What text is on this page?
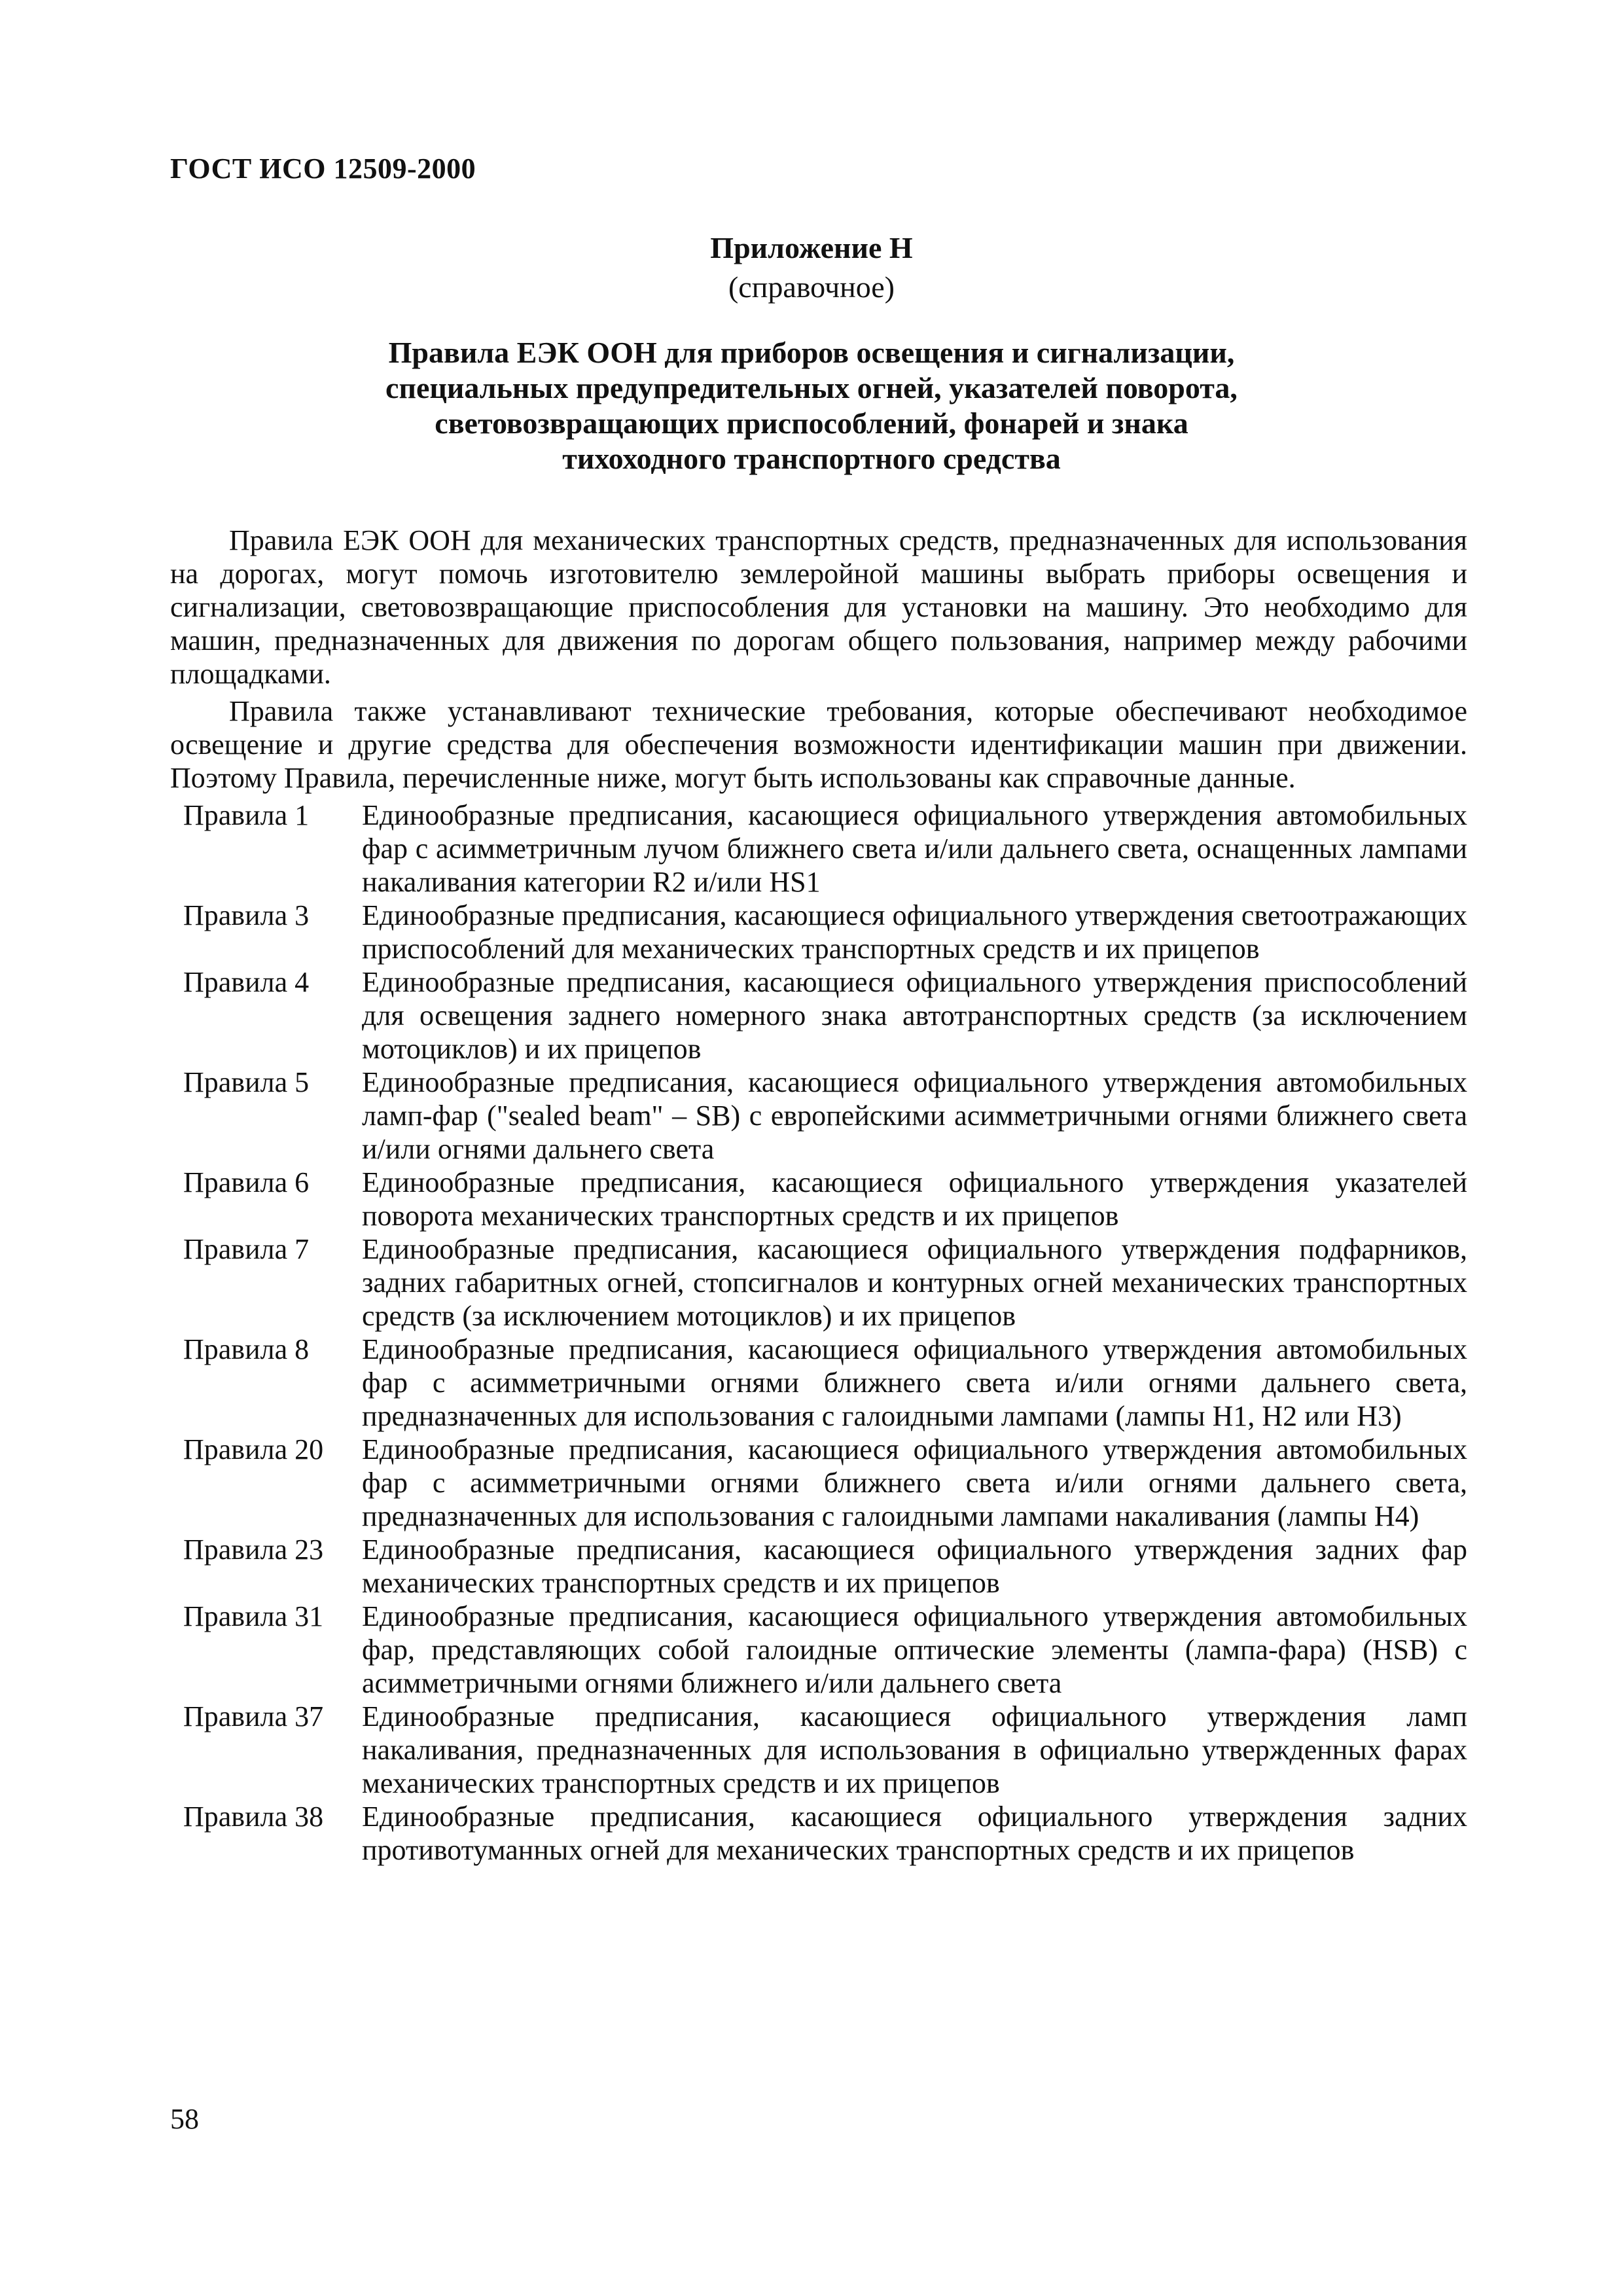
ГОСТ ИСО 12509-2000
Приложение Н
(справочное)
Правила ЕЭК ООН для приборов освещения и сигнализации,
специальных предупредительных огней, указателей поворота,
световозвращающих приспособлений, фонарей и знака
тихоходного транспортного средства

Правила ЕЭК ООН для механических транспортных средств, предназначенных для использования на дорогах, могут помочь изготовителю землеройной машины выбрать приборы освещения и сигнализации, световозвращающие приспособления для установки на машину. Это необходимо для машин, предназначенных для движения по дорогам общего пользования, например между рабочими площадками.

Правила также устанавливают технические требования, которые обеспечивают необходимое освещение и другие средства для обеспечения возможности идентификации машин при движении. Поэтому Правила, перечисленные ниже, могут быть использованы как справочные данные.

Правила 1	Единообразные предписания, касающиеся официального утверждения автомобильных фар с асимметричным лучом ближнего света и/или дальнего света, оснащенных лампами накаливания категории R2 и/или HS1
Правила 3	Единообразные предписания, касающиеся официального утверждения светоотражающих приспособлений для механических транспортных средств и их прицепов
Правила 4	Единообразные предписания, касающиеся официального утверждения приспособлений для освещения заднего номерного знака автотранспортных средств (за исключением мотоциклов) и их прицепов
Правила 5	Единообразные предписания, касающиеся официального утверждения автомобильных ламп-фар ("sealed beam" – SB) с европейскими асимметричными огнями ближнего света и/или огнями дальнего света
Правила 6	Единообразные предписания, касающиеся официального утверждения указателей поворота механических транспортных средств и их прицепов
Правила 7	Единообразные предписания, касающиеся официального утверждения подфарников, задних габаритных огней, стопсигналов и контурных огней механических транспортных средств (за исключением мотоциклов) и их прицепов
Правила 8	Единообразные предписания, касающиеся официального утверждения автомобильных фар с асимметричными огнями ближнего света и/или огнями дальнего света, предназначенных для использования с галоидными лампами (лампы H1, H2 или H3)
Правила 20	Единообразные предписания, касающиеся официального утверждения автомобильных фар с асимметричными огнями ближнего света и/или огнями дальнего света, предназначенных для использования с галоидными лампами накаливания (лампы H4)
Правила 23	Единообразные предписания, касающиеся официального утверждения задних фар механических транспортных средств и их прицепов
Правила 31	Единообразные предписания, касающиеся официального утверждения автомобильных фар, представляющих собой галоидные оптические элементы (лампа-фара) (HSB) с асимметричными огнями ближнего и/или дальнего света
Правила 37	Единообразные предписания, касающиеся официального утверждения ламп накаливания, предназначенных для использования в официально утвержденных фарах механических транспортных средств и их прицепов
Правила 38	Единообразные предписания, касающиеся официального утверждения задних противотуманных огней для механических транспортных средств и их прицепов
58
